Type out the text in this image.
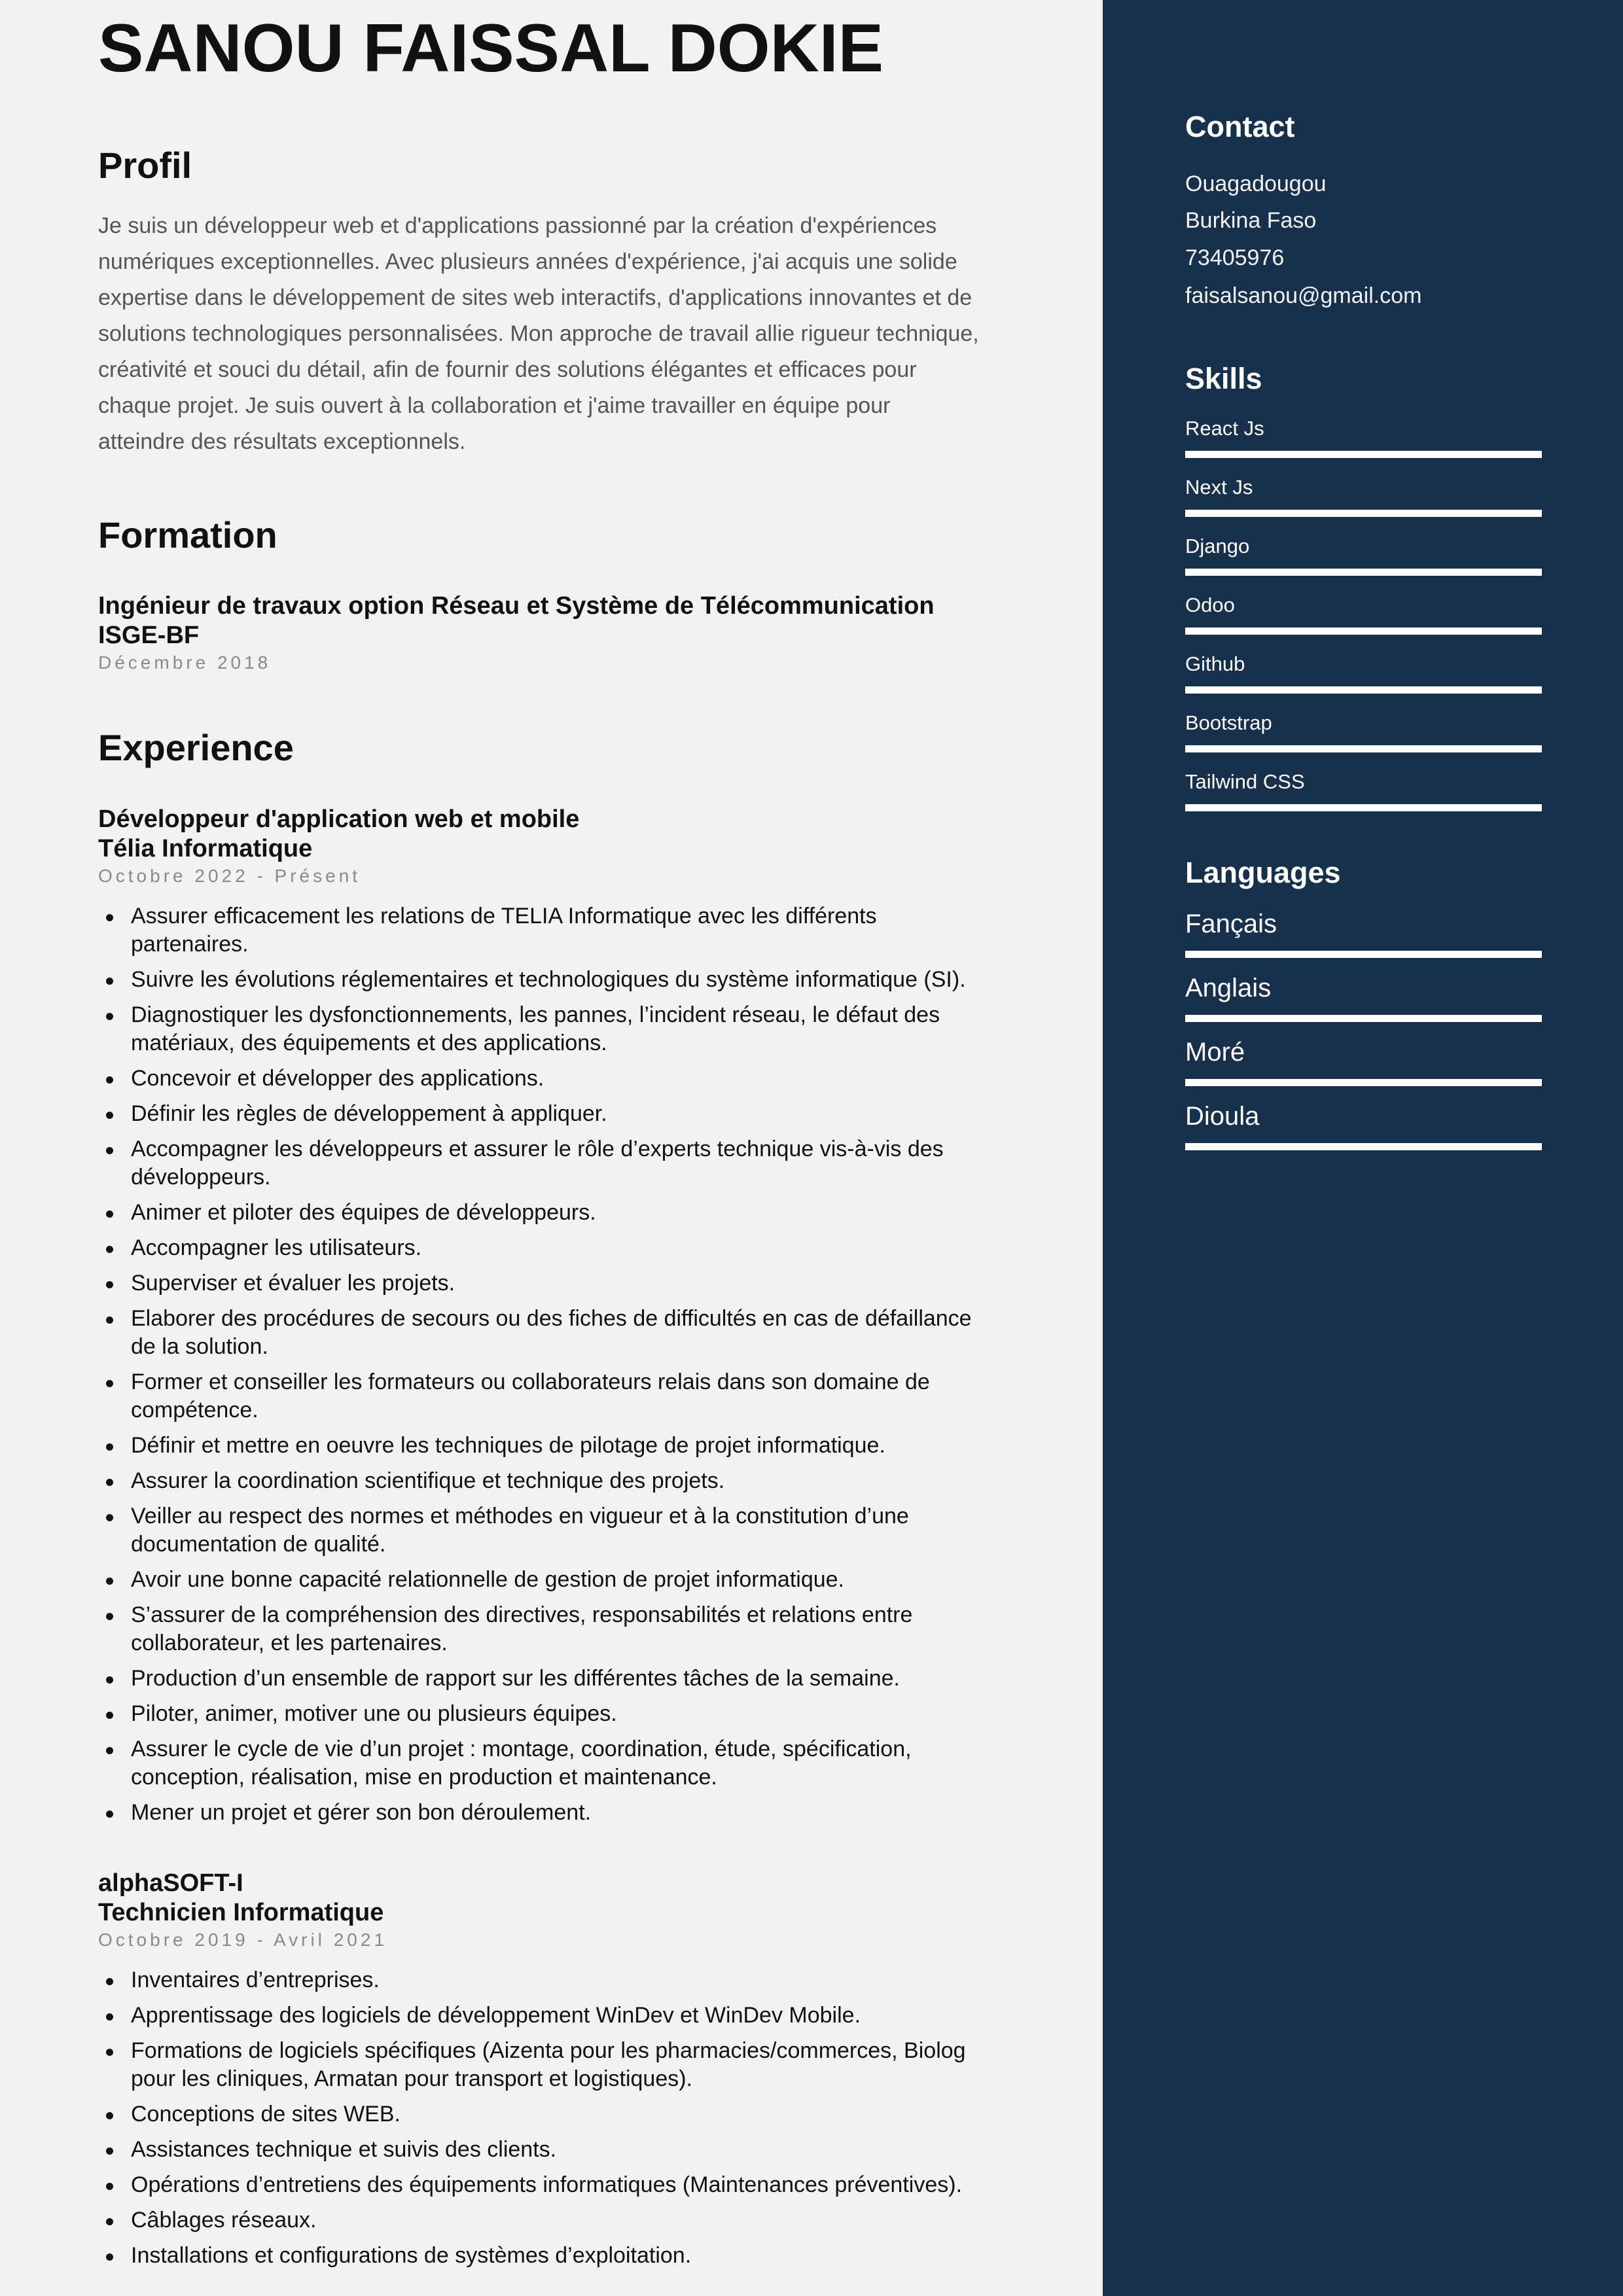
SANOU FAISSAL DOKIE
Profil
Je suis un développeur web et d'applications passionné par la création d'expériences
numériques exceptionnelles. Avec plusieurs années d'expérience, j'ai acquis une solide
expertise dans le développement de sites web interactifs, d'applications innovantes et de
solutions technologiques personnalisées. Mon approche de travail allie rigueur technique,
créativité et souci du détail, afin de fournir des solutions élégantes et efficaces pour
chaque projet. Je suis ouvert à la collaboration et j'aime travailler en équipe pour
atteindre des résultats exceptionnels.
Formation
Ingénieur de travaux option Réseau et Système de Télécommunication
ISGE-BF
Décembre 2018
Experience
Développeur d'application web et mobile
Télia Informatique
Octobre 2022 - Présent
Assurer efficacement les relations de TELIA Informatique avec les différents
partenaires.
Suivre les évolutions réglementaires et technologiques du système informatique (SI).
Diagnostiquer les dysfonctionnements, les pannes, l’incident réseau, le défaut des
matériaux, des équipements et des applications.
Concevoir et développer des applications.
Définir les règles de développement à appliquer.
Accompagner les développeurs et assurer le rôle d’experts technique vis-à-vis des
développeurs.
Animer et piloter des équipes de développeurs.
Accompagner les utilisateurs.
Superviser et évaluer les projets.
Elaborer des procédures de secours ou des fiches de difficultés en cas de défaillance
de la solution.
Former et conseiller les formateurs ou collaborateurs relais dans son domaine de
compétence.
Définir et mettre en oeuvre les techniques de pilotage de projet informatique.
Assurer la coordination scientifique et technique des projets.
Veiller au respect des normes et méthodes en vigueur et à la constitution d’une
documentation de qualité.
Avoir une bonne capacité relationnelle de gestion de projet informatique.
S’assurer de la compréhension des directives, responsabilités et relations entre
collaborateur, et les partenaires.
Production d’un ensemble de rapport sur les différentes tâches de la semaine.
Piloter, animer, motiver une ou plusieurs équipes.
Assurer le cycle de vie d’un projet : montage, coordination, étude, spécification,
conception, réalisation, mise en production et maintenance.
Mener un projet et gérer son bon déroulement.
alphaSOFT-I
Technicien Informatique
Octobre 2019 - Avril 2021
Inventaires d’entreprises.
Apprentissage des logiciels de développement WinDev et WinDev Mobile.
Formations de logiciels spécifiques (Aizenta pour les pharmacies/commerces, Biolog
pour les cliniques, Armatan pour transport et logistiques).
Conceptions de sites WEB.
Assistances technique et suivis des clients.
Opérations d’entretiens des équipements informatiques (Maintenances préventives).
Câblages réseaux.
Installations et configurations de systèmes d’exploitation.
Contact
Ouagadougou
Burkina Faso
73405976
faisalsanou@gmail.com
Skills
React Js
Next Js
Django
Odoo
Github
Bootstrap
Tailwind CSS
Languages
Fançais
Anglais
Moré
Dioula
